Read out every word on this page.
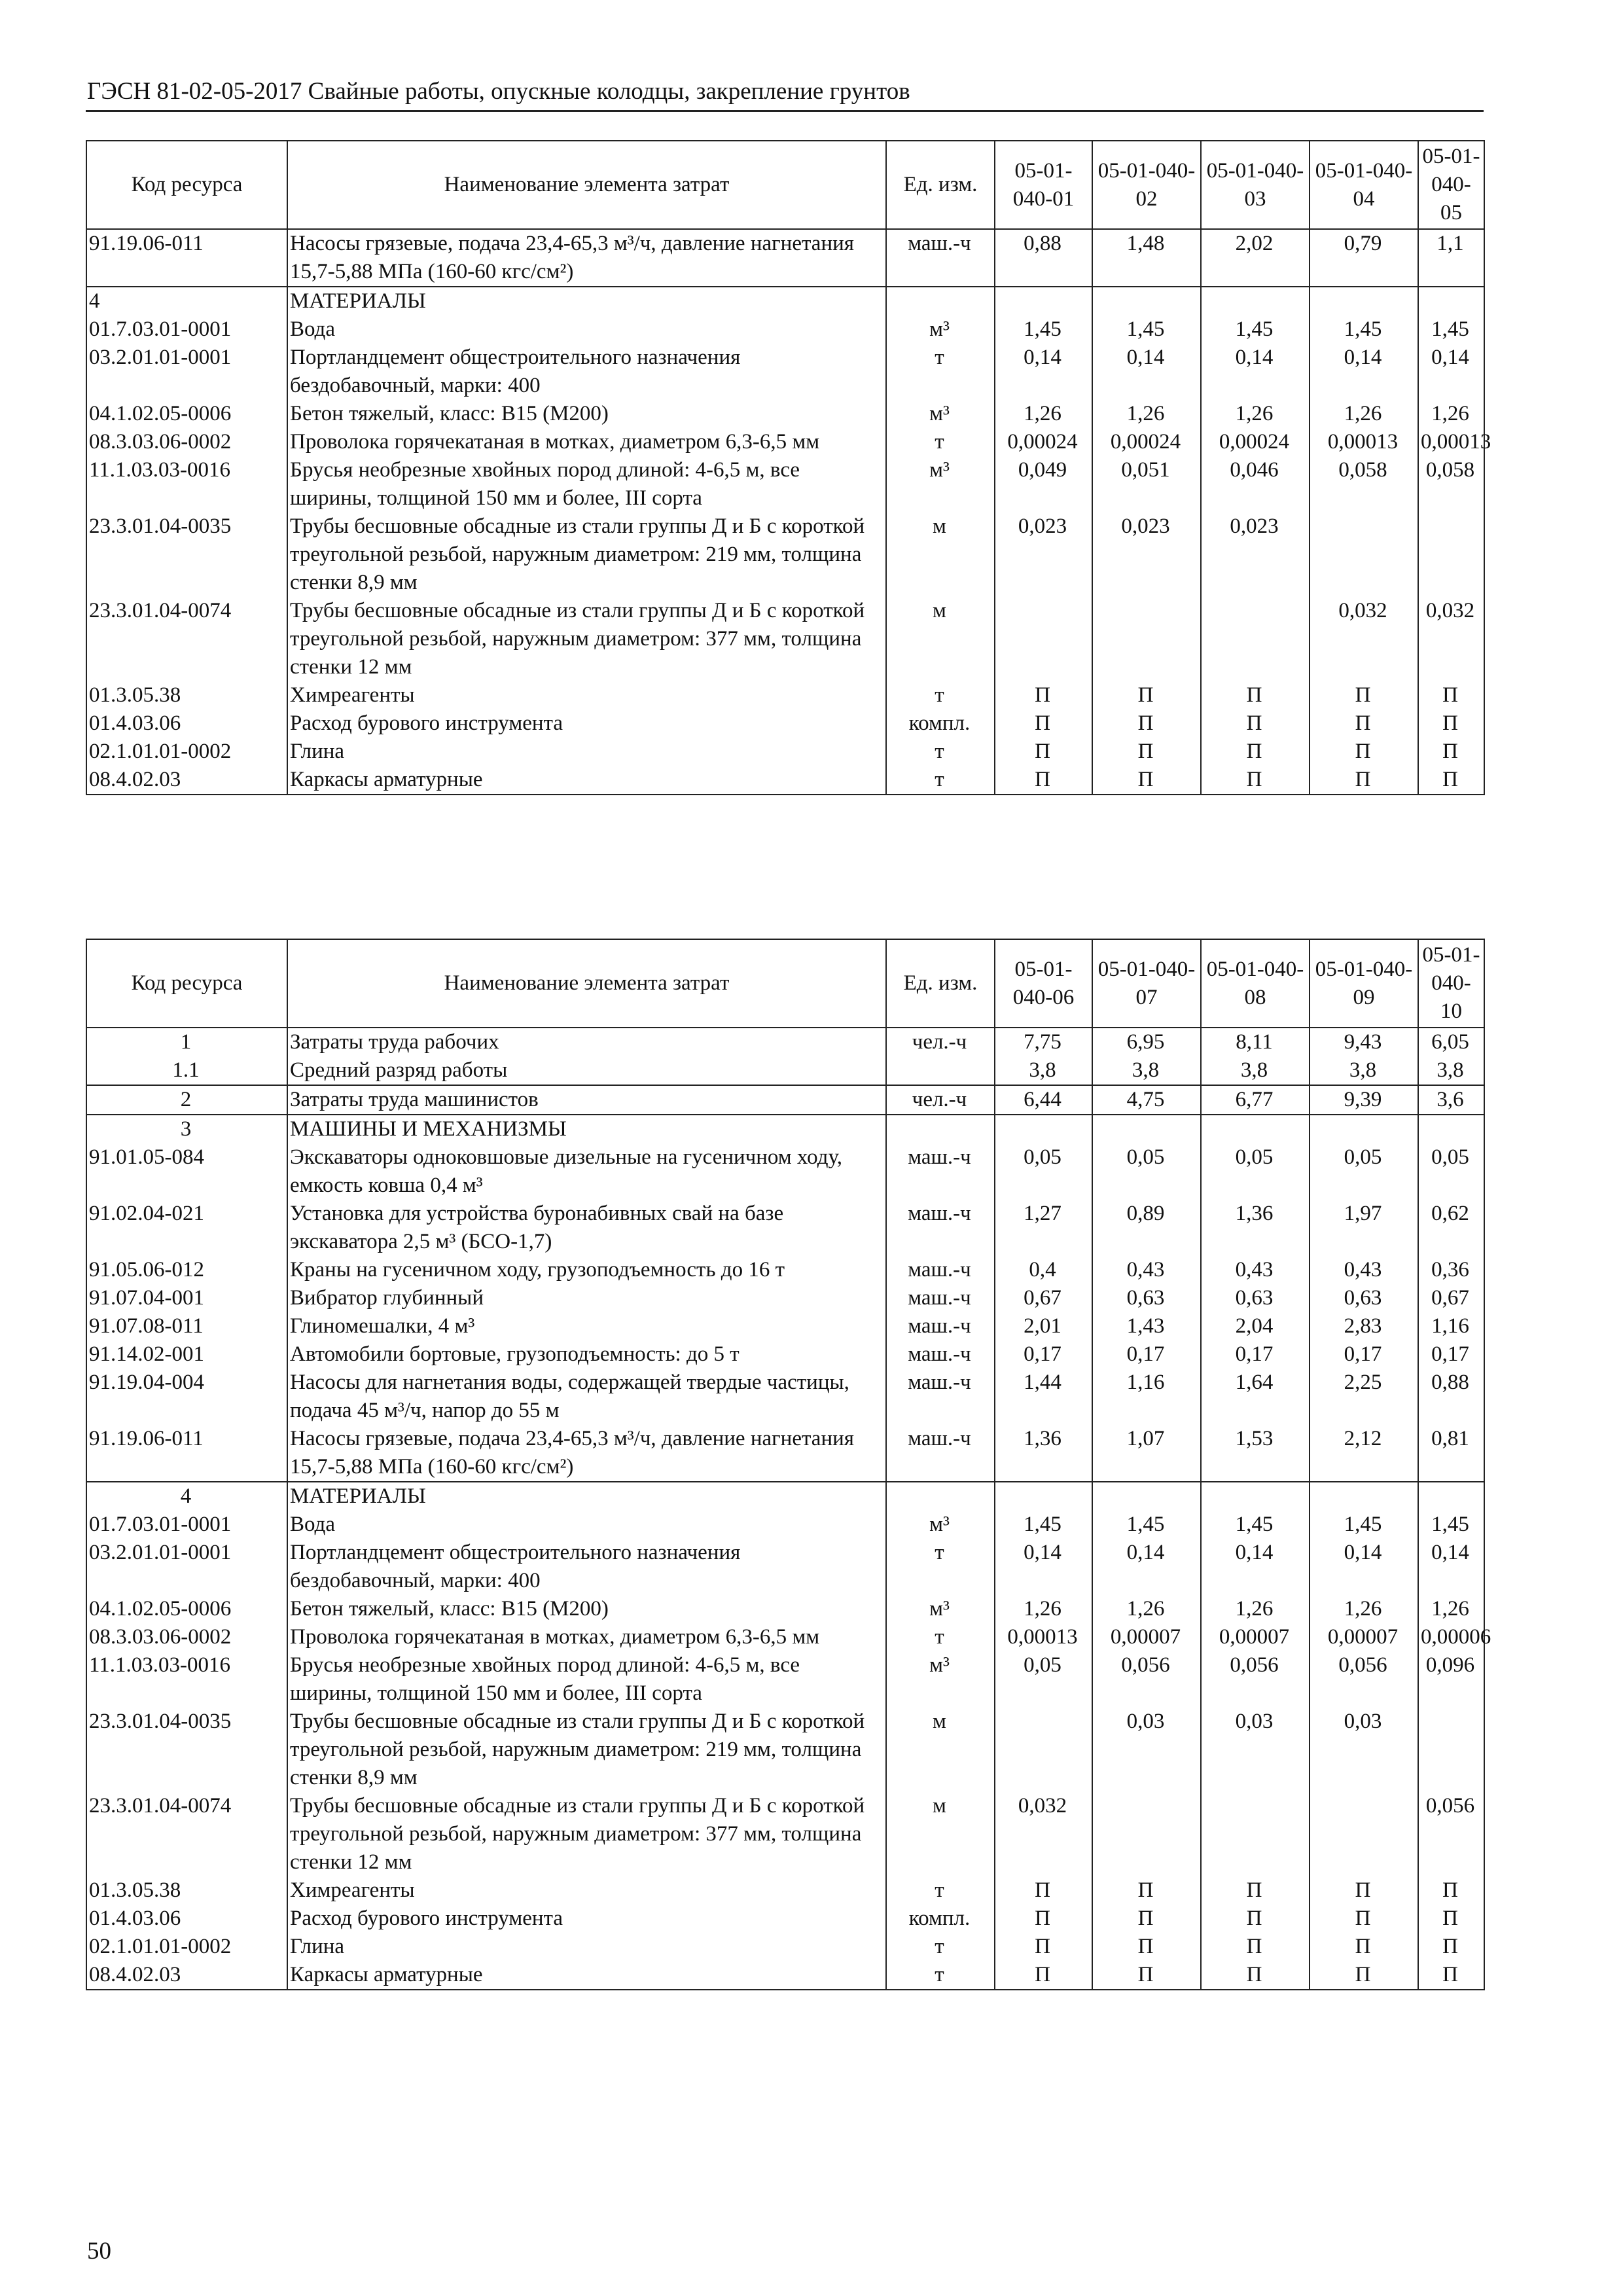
ГЭСН 81-02-05-2017 Свайные работы, опускные колодцы, закрепление грунтов
Код ресурса	Наименование элемента затрат	Ед. изм.	05-01-040-01	05-01-040-02	05-01-040-03	05-01-040-04	05-01-040-05
91.19.06-011	Насосы грязевые, подача 23,4-65,3 м³/ч, давление нагнетания 15,7-5,88 МПа (160-60 кгс/см²)	маш.-ч	0,88	1,48	2,02	0,79	1,1
4	МАТЕРИАЛЫ						
01.7.03.01-0001	Вода	м³	1,45	1,45	1,45	1,45	1,45
03.2.01.01-0001	Портландцемент общестроительного назначения бездобавочный, марки: 400	т	0,14	0,14	0,14	0,14	0,14
04.1.02.05-0006	Бетон тяжелый, класс: В15 (М200)	м³	1,26	1,26	1,26	1,26	1,26
08.3.03.06-0002	Проволока горячекатаная в мотках, диаметром 6,3-6,5 мм	т	0,00024	0,00024	0,00024	0,00013	0,00013
11.1.03.03-0016	Брусья необрезные хвойных пород длиной: 4-6,5 м, все ширины, толщиной 150 мм и более, III сорта	м³	0,049	0,051	0,046	0,058	0,058
23.3.01.04-0035	Трубы бесшовные обсадные из стали группы Д и Б с короткой треугольной резьбой, наружным диаметром: 219 мм, толщина стенки 8,9 мм	м	0,023	0,023	0,023		
23.3.01.04-0074	Трубы бесшовные обсадные из стали группы Д и Б с короткой треугольной резьбой, наружным диаметром: 377 мм, толщина стенки 12 мм	м				0,032	0,032
01.3.05.38	Химреагенты	т	П	П	П	П	П
01.4.03.06	Расход бурового инструмента	компл.	П	П	П	П	П
02.1.01.01-0002	Глина	т	П	П	П	П	П
08.4.02.03	Каркасы арматурные	т	П	П	П	П	П
Код ресурса	Наименование элемента затрат	Ед. изм.	05-01-040-06	05-01-040-07	05-01-040-08	05-01-040-09	05-01-040-10
1	Затраты труда рабочих	чел.-ч	7,75	6,95	8,11	9,43	6,05
1.1	Средний разряд работы		3,8	3,8	3,8	3,8	3,8
2	Затраты труда машинистов	чел.-ч	6,44	4,75	6,77	9,39	3,6
3	МАШИНЫ И МЕХАНИЗМЫ						
91.01.05-084	Экскаваторы одноковшовые дизельные на гусеничном ходу, емкость ковша 0,4 м³	маш.-ч	0,05	0,05	0,05	0,05	0,05
91.02.04-021	Установка для устройства буронабивных свай на базе экскаватора 2,5 м³ (БСО-1,7)	маш.-ч	1,27	0,89	1,36	1,97	0,62
91.05.06-012	Краны на гусеничном ходу, грузоподъемность до 16 т	маш.-ч	0,4	0,43	0,43	0,43	0,36
91.07.04-001	Вибратор глубинный	маш.-ч	0,67	0,63	0,63	0,63	0,67
91.07.08-011	Глиномешалки, 4 м³	маш.-ч	2,01	1,43	2,04	2,83	1,16
91.14.02-001	Автомобили бортовые, грузоподъемность: до 5 т	маш.-ч	0,17	0,17	0,17	0,17	0,17
91.19.04-004	Насосы для нагнетания воды, содержащей твердые частицы, подача 45 м³/ч, напор до 55 м	маш.-ч	1,44	1,16	1,64	2,25	0,88
91.19.06-011	Насосы грязевые, подача 23,4-65,3 м³/ч, давление нагнетания 15,7-5,88 МПа (160-60 кгс/см²)	маш.-ч	1,36	1,07	1,53	2,12	0,81
4	МАТЕРИАЛЫ						
01.7.03.01-0001	Вода	м³	1,45	1,45	1,45	1,45	1,45
03.2.01.01-0001	Портландцемент общестроительного назначения бездобавочный, марки: 400	т	0,14	0,14	0,14	0,14	0,14
04.1.02.05-0006	Бетон тяжелый, класс: В15 (М200)	м³	1,26	1,26	1,26	1,26	1,26
08.3.03.06-0002	Проволока горячекатаная в мотках, диаметром 6,3-6,5 мм	т	0,00013	0,00007	0,00007	0,00007	0,00006
11.1.03.03-0016	Брусья необрезные хвойных пород длиной: 4-6,5 м, все ширины, толщиной 150 мм и более, III сорта	м³	0,05	0,056	0,056	0,056	0,096
23.3.01.04-0035	Трубы бесшовные обсадные из стали группы Д и Б с короткой треугольной резьбой, наружным диаметром: 219 мм, толщина стенки 8,9 мм	м		0,03	0,03	0,03	
23.3.01.04-0074	Трубы бесшовные обсадные из стали группы Д и Б с короткой треугольной резьбой, наружным диаметром: 377 мм, толщина стенки 12 мм	м	0,032				0,056
01.3.05.38	Химреагенты	т	П	П	П	П	П
01.4.03.06	Расход бурового инструмента	компл.	П	П	П	П	П
02.1.01.01-0002	Глина	т	П	П	П	П	П
08.4.02.03	Каркасы арматурные	т	П	П	П	П	П
50
